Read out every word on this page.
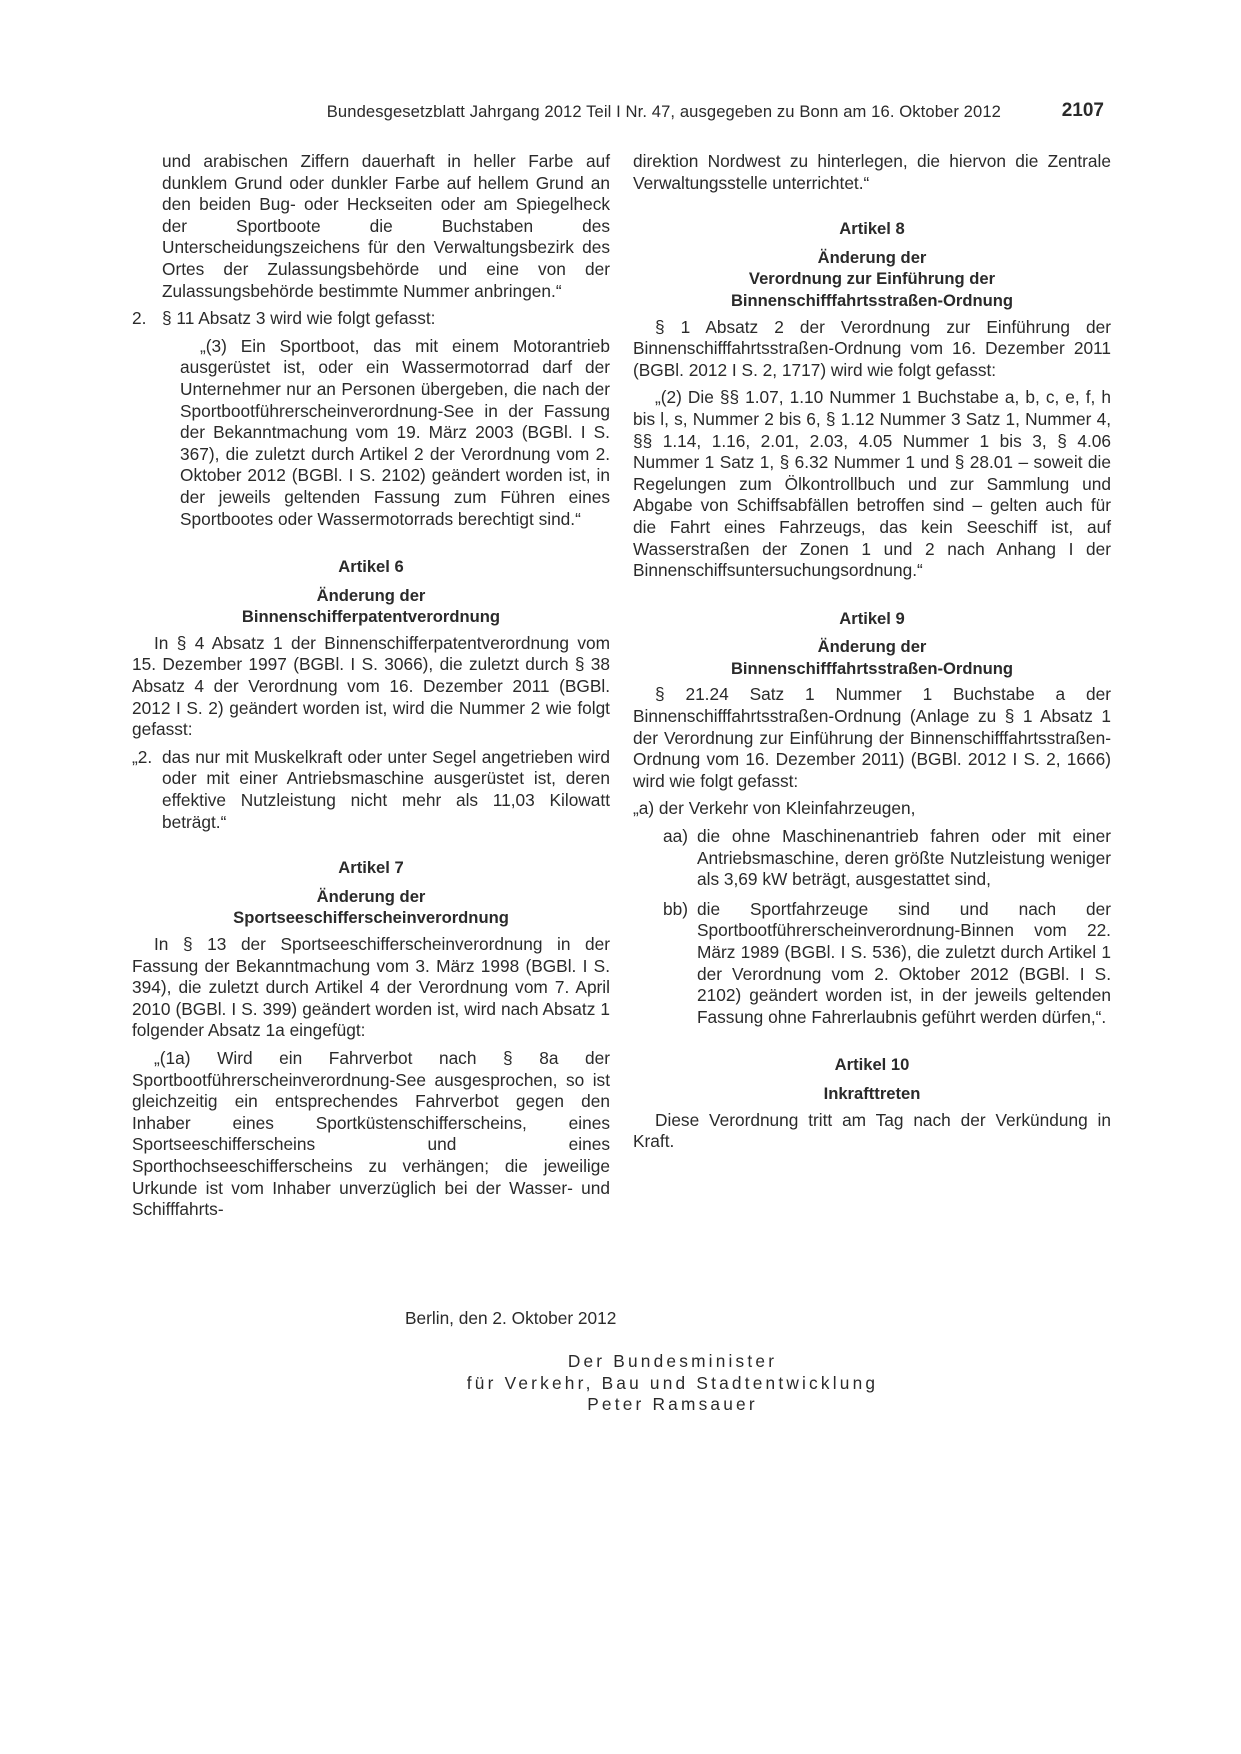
Bundesgesetzblatt Jahrgang 2012 Teil I Nr. 47, ausgegeben zu Bonn am 16. Oktober 2012	2107

und arabischen Ziffern dauerhaft in heller Farbe auf dunklem Grund oder dunkler Farbe auf hellem Grund an den beiden Bug- oder Heckseiten oder am Spiegelheck der Sportboote die Buchstaben des Unterscheidungszeichens für den Verwaltungsbezirk des Ortes der Zulassungsbehörde und eine von der Zulassungsbehörde bestimmte Nummer anbringen.“

2. § 11 Absatz 3 wird wie folgt gefasst:

„(3) Ein Sportboot, das mit einem Motorantrieb ausgerüstet ist, oder ein Wassermotorrad darf der Unternehmer nur an Personen übergeben, die nach der Sportbootführerscheinverordnung-See in der Fassung der Bekanntmachung vom 19. März 2003 (BGBl. I S. 367), die zuletzt durch Artikel 2 der Verordnung vom 2. Oktober 2012 (BGBl. I S. 2102) geändert worden ist, in der jeweils geltenden Fassung zum Führen eines Sportbootes oder Wassermotorrads berechtigt sind.“

Artikel 6
Änderung der
Binnenschifferpatentverordnung

In § 4 Absatz 1 der Binnenschifferpatentverordnung vom 15. Dezember 1997 (BGBl. I S. 3066), die zuletzt durch § 38 Absatz 4 der Verordnung vom 16. Dezember 2011 (BGBl. 2012 I S. 2) geändert worden ist, wird die Nummer 2 wie folgt gefasst:

„2. das nur mit Muskelkraft oder unter Segel angetrieben wird oder mit einer Antriebsmaschine ausgerüstet ist, deren effektive Nutzleistung nicht mehr als 11,03 Kilowatt beträgt.“
Artikel 7
Änderung der
Sportseeschifferscheinverordnung

In § 13 der Sportseeschifferscheinverordnung in der Fassung der Bekanntmachung vom 3. März 1998 (BGBl. I S. 394), die zuletzt durch Artikel 4 der Verordnung vom 7. April 2010 (BGBl. I S. 399) geändert worden ist, wird nach Absatz 1 folgender Absatz 1a eingefügt:

„(1a) Wird ein Fahrverbot nach § 8a der Sportbootführerscheinverordnung-See ausgesprochen, so ist gleichzeitig ein entsprechendes Fahrverbot gegen den Inhaber eines Sportküstenschifferscheins, eines Sportseeschifferscheins und eines Sporthochseeschifferscheins zu verhängen; die jeweilige Urkunde ist vom Inhaber unverzüglich bei der Wasser- und Schifffahrts-

direktion Nordwest zu hinterlegen, die hiervon die Zentrale Verwaltungsstelle unterrichtet.“

Artikel 8
Änderung der
Verordnung zur Einführung der
Binnenschifffahrtsstraßen-Ordnung

§ 1 Absatz 2 der Verordnung zur Einführung der Binnenschifffahrtsstraßen-Ordnung vom 16. Dezember 2011 (BGBl. 2012 I S. 2, 1717) wird wie folgt gefasst:

„(2) Die §§ 1.07, 1.10 Nummer 1 Buchstabe a, b, c, e, f, h bis l, s, Nummer 2 bis 6, § 1.12 Nummer 3 Satz 1, Nummer 4, §§ 1.14, 1.16, 2.01, 2.03, 4.05 Nummer 1 bis 3, § 4.06 Nummer 1 Satz 1, § 6.32 Nummer 1 und § 28.01 – soweit die Regelungen zum Ölkontrollbuch und zur Sammlung und Abgabe von Schiffsabfällen betroffen sind – gelten auch für die Fahrt eines Fahrzeugs, das kein Seeschiff ist, auf Wasserstraßen der Zonen 1 und 2 nach Anhang I der Binnenschiffsuntersuchungsordnung.“

Artikel 9
Änderung der
Binnenschifffahrtsstraßen-Ordnung

§ 21.24 Satz 1 Nummer 1 Buchstabe a der Binnenschifffahrtsstraßen-Ordnung (Anlage zu § 1 Absatz 1 der Verordnung zur Einführung der Binnenschifffahrtsstraßen-Ordnung vom 16. Dezember 2011) (BGBl. 2012 I S. 2, 1666) wird wie folgt gefasst:

„a) der Verkehr von Kleinfahrzeugen,

aa) die ohne Maschinenantrieb fahren oder mit einer Antriebsmaschine, deren größte Nutzleistung weniger als 3,69 kW beträgt, ausgestattet sind,
bb) die Sportfahrzeuge sind und nach der Sportbootführerscheinverordnung-Binnen vom 22. März 1989 (BGBl. I S. 536), die zuletzt durch Artikel 1 der Verordnung vom 2. Oktober 2012 (BGBl. I S. 2102) geändert worden ist, in der jeweils geltenden Fassung ohne Fahrerlaubnis geführt werden dürfen,“.
Artikel 10
Inkrafttreten

Diese Verordnung tritt am Tag nach der Verkündung in Kraft.

Berlin, den 2. Oktober 2012
Der Bundesminister
für Verkehr, Bau und Stadtentwicklung
Peter Ramsauer
